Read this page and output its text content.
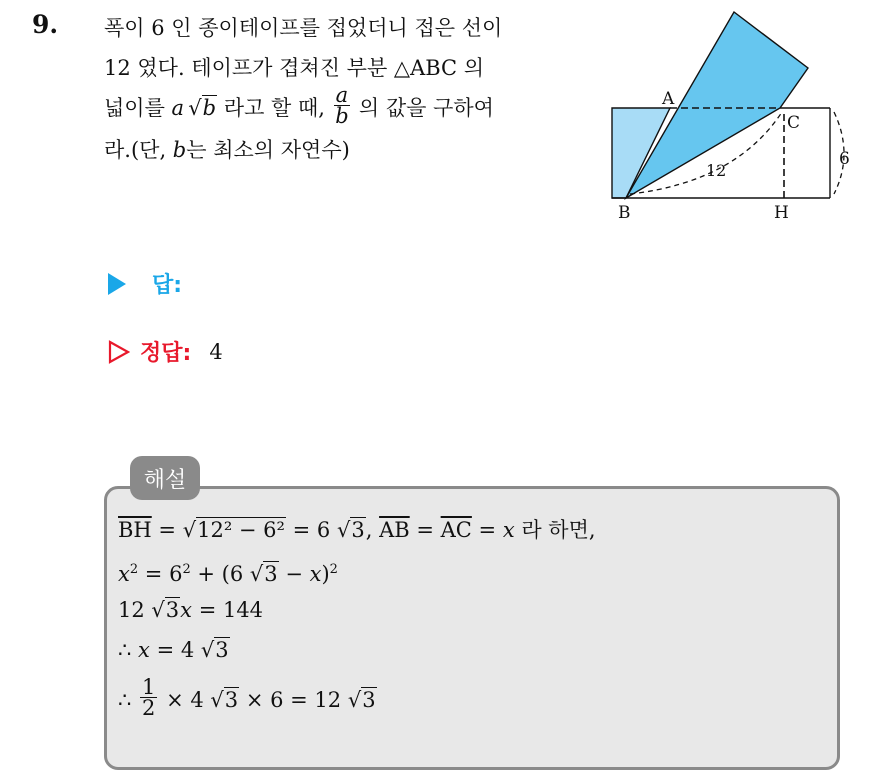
9. 폭이 6 인 종이테이프를 접었더니 접은 선이
12 였다. 테이프가 겹쳐진 부분 △ABC 의
넓이를 a  √b 라고 할 때, $\frac{a}{b}$ 의 값을 구하여
라.(단, b는 최소의 자연수)
A
B
C
H
12
6
답:
정답: 4
해설
$\overline{BH} = √12^2 - 6^2 = 6$ √3, $\overline{AB} = \overline{AC} = x$ 라 하면,
$x^2 = 6^2 + (6$ √3 − x)$^2$
12 √3x = 144
∴ x = 4 √3
∴ $\frac{1}{2} \times 4$ √3 × 6 = 12 √3
